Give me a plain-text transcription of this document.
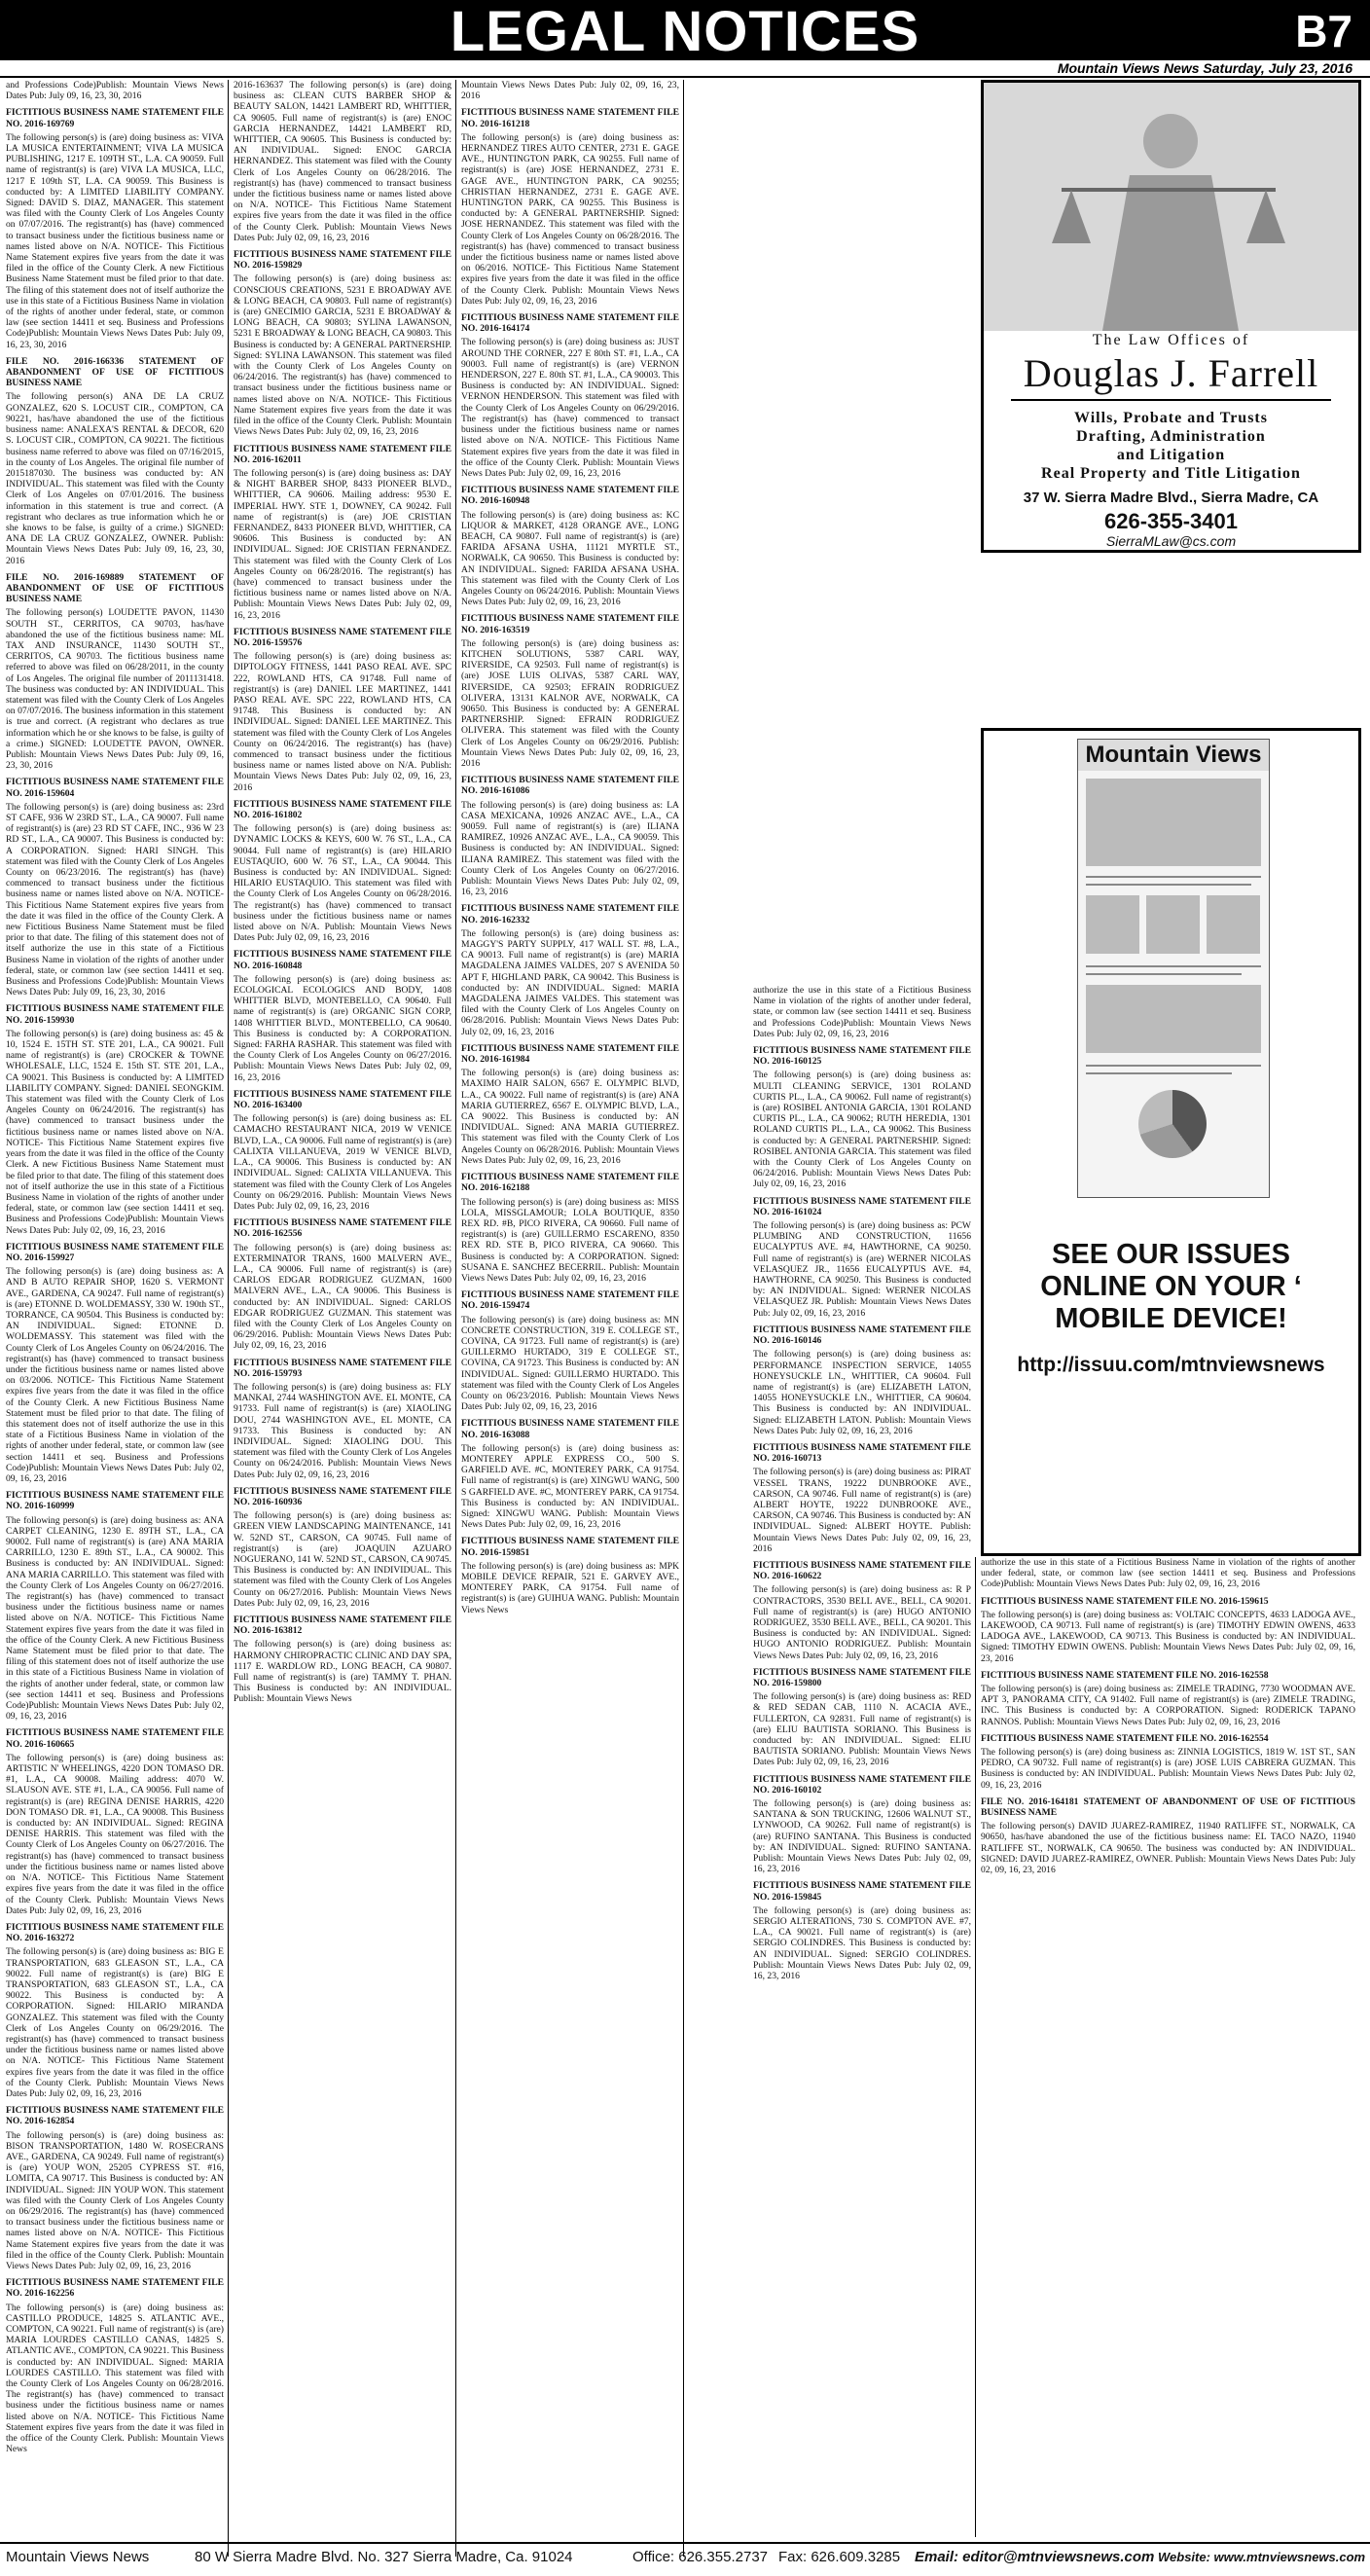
LEGAL NOTICES	B7
Mountain Views News Saturday, July 23, 2016

and Professions Code)Publish: Mountain Views News Dates Pub: July 09, 16, 23, 30, 2016

FICTITIOUS BUSINESS NAME STATEMENT FILE NO. 2016-169769

The following person(s) is (are) doing business as: VIVA LA MUSICA ENTERTAINMENT; VIVA LA MUSICA PUBLISHING, 1217 E. 109TH ST., L.A. CA 90059. Full name of registrant(s) is (are) VIVA LA MUSICA, LLC, 1217 E 109th ST, L.A. CA 90059. This Business is conducted by: A LIMITED LIABILITY COMPANY. Signed: DAVID S. DIAZ, MANAGER. This statement was filed with the County Clerk of Los Angeles County on 07/07/2016. The registrant(s) has (have) commenced to transact business under the fictitious business name or names listed above on N/A. NOTICE- This Fictitious Name Statement expires five years from the date it was filed in the office of the County Clerk. A new Fictitious Business Name Statement must be filed prior to that date. The filing of this statement does not of itself authorize the use in this state of a Fictitious Business Name in violation of the rights of another under federal, state, or common law (see section 14411 et seq. Business and Professions Code)Publish: Mountain Views News Dates Pub: July 09, 16, 23, 30, 2016

FILE NO. 2016-166336 STATEMENT OF ABANDONMENT OF USE OF FICTITIOUS BUSINESS NAME

The following person(s) ANA DE LA CRUZ GONZALEZ, 620 S. LOCUST CIR., COMPTON, CA 90221, has/have abandoned the use of the fictitious business name: ANALEXA'S RENTAL & DECOR, 620 S. LOCUST CIR., COMPTON, CA 90221. The fictitious business name referred to above was filed on 07/16/2015, in the county of Los Angeles. The original file number of 2015187030. The business was conducted by: AN INDIVIDUAL. This statement was filed with the County Clerk of Los Angeles on 07/01/2016. The business information in this statement is true and correct. (A registrant who declares as true information which he or she knows to be false, is guilty of a crime.) SIGNED: ANA DE LA CRUZ GONZALEZ, OWNER. Publish: Mountain Views News Dates Pub: July 09, 16, 23, 30, 2016

FILE NO. 2016-169889 STATEMENT OF ABANDONMENT OF USE OF FICTITIOUS BUSINESS NAME

The following person(s) LOUDETTE PAVON, 11430 SOUTH ST., CERRITOS, CA 90703, has/have abandoned the use of the fictitious business name: ML TAX AND INSURANCE, 11430 SOUTH ST., CERRITOS, CA 90703. The fictitious business name referred to above was filed on 06/28/2011, in the county of Los Angeles. The original file number of 2011131418. The business was conducted by: AN INDIVIDUAL. This statement was filed with the County Clerk of Los Angeles on 07/07/2016. The business information in this statement is true and correct. (A registrant who declares as true information which he or she knows to be false, is guilty of a crime.) SIGNED: LOUDETTE PAVON, OWNER. Publish: Mountain Views News Dates Pub: July 09, 16, 23, 30, 2016

FICTITIOUS BUSINESS NAME STATEMENT FILE NO. 2016-159604

The following person(s) is (are) doing business as: 23rd ST CAFE, 936 W 23RD ST., L.A., CA 90007. Full name of registrant(s) is (are) 23 RD ST CAFE, INC., 936 W 23 RD ST., L.A., CA 90007. This Business is conducted by: A CORPORATION. Signed: HARI SINGH. This statement was filed with the County Clerk of Los Angeles County on 06/23/2016. The registrant(s) has (have) commenced to transact business under the fictitious business name or names listed above on N/A. NOTICE- This Fictitious Name Statement expires five years from the date it was filed in the office of the County Clerk. A new Fictitious Business Name Statement must be filed prior to that date. The filing of this statement does not of itself authorize the use in this state of a Fictitious Business Name in violation of the rights of another under federal, state, or common law (see section 14411 et seq. Business and Professions Code)Publish: Mountain Views News Dates Pub: July 09, 16, 23, 30, 2016

FICTITIOUS BUSINESS NAME STATEMENT FILE NO. 2016-159930

The following person(s) is (are) doing business as: 45 & 10, 1524 E. 15TH ST. STE 201, L.A., CA 90021. Full name of registrant(s) is (are) CROCKER & TOWNE WHOLESALE, LLC, 1524 E. 15th ST. STE 201, L.A., CA 90021. This Business is conducted by: A LIMITED LIABILITY COMPANY. Signed: DANIEL SEONGKIM. This statement was filed with the County Clerk of Los Angeles County on 06/24/2016. The registrant(s) has (have) commenced to transact business under the fictitious business name or names listed above on N/A. NOTICE- This Fictitious Name Statement expires five years from the date it was filed in the office of the County Clerk. A new Fictitious Business Name Statement must be filed prior to that date. The filing of this statement does not of itself authorize the use in this state of a Fictitious Business Name in violation of the rights of another under federal, state, or common law (see section 14411 et seq. Business and Professions Code)Publish: Mountain Views News Dates Pub: July 02, 09, 16, 23, 2016

FICTITIOUS BUSINESS NAME STATEMENT FILE NO. 2016-159927

The following person(s) is (are) doing business as: A AND B AUTO REPAIR SHOP, 1620 S. VERMONT AVE., GARDENA, CA 90247. Full name of registrant(s) is (are) ETONNE D. WOLDEMASSY, 330 W. 190th ST., TORRANCE, CA 90504. This Business is conducted by: AN INDIVIDUAL. Signed: ETONNE D. WOLDEMASSY. This statement was filed with the County Clerk of Los Angeles County on 06/24/2016. The registrant(s) has (have) commenced to transact business under the fictitious business name or names listed above on 03/2006. NOTICE- This Fictitious Name Statement expires five years from the date it was filed in the office of the County Clerk. A new Fictitious Business Name Statement must be filed prior to that date. The filing of this statement does not of itself authorize the use in this state of a Fictitious Business Name in violation of the rights of another under federal, state, or common law (see section 14411 et seq. Business and Professions Code)Publish: Mountain Views News Dates Pub: July 02, 09, 16, 23, 2016

FICTITIOUS BUSINESS NAME STATEMENT FILE NO. 2016-160999

The following person(s) is (are) doing business as: ANA CARPET CLEANING, 1230 E. 89TH ST., L.A., CA 90002. Full name of registrant(s) is (are) ANA MARIA CARRILLO, 1230 E. 89th ST., L.A., CA 90002. This Business is conducted by: AN INDIVIDUAL. Signed: ANA MARIA CARRILLO. This statement was filed with the County Clerk of Los Angeles County on 06/27/2016. The registrant(s) has (have) commenced to transact business under the fictitious business name or names listed above on N/A. NOTICE- This Fictitious Name Statement expires five years from the date it was filed in the office of the County Clerk. A new Fictitious Business Name Statement must be filed prior to that date. The filing of this statement does not of itself authorize the use in this state of a Fictitious Business Name in violation of the rights of another under federal, state, or common law (see section 14411 et seq. Business and Professions Code)Publish: Mountain Views News Dates Pub: July 02, 09, 16, 23, 2016

FICTITIOUS BUSINESS NAME STATEMENT FILE NO. 2016-160665

The following person(s) is (are) doing business as: ARTISTIC N' WHEELINGS, 4220 DON TOMASO DR. #1, L.A., CA 90008. Mailing address: 4070 W. SLAUSON AVE. STE #1, L.A., CA 90056. Full name of registrant(s) is (are) REGINA DENISE HARRIS, 4220 DON TOMASO DR. #1, L.A., CA 90008. This Business is conducted by: AN INDIVIDUAL. Signed: REGINA DENISE HARRIS. This statement was filed with the County Clerk of Los Angeles County on 06/27/2016. The registrant(s) has (have) commenced to transact business under the fictitious business name or names listed above on N/A. NOTICE- This Fictitious Name Statement expires five years from the date it was filed in the office of the County Clerk. Publish: Mountain Views News Dates Pub: July 02, 09, 16, 23, 2016

FICTITIOUS BUSINESS NAME STATEMENT FILE NO. 2016-163272

The following person(s) is (are) doing business as: BIG E TRANSPORTATION, 683 GLEASON ST., L.A., CA 90022. Full name of registrant(s) is (are) BIG E TRANSPORTATION, 683 GLEASON ST., L.A., CA 90022. This Business is conducted by: A CORPORATION. Signed: HILARIO MIRANDA GONZALEZ. This statement was filed with the County Clerk of Los Angeles County on 06/29/2016. The registrant(s) has (have) commenced to transact business under the fictitious business name or names listed above on N/A. NOTICE- This Fictitious Name Statement expires five years from the date it was filed in the office of the County Clerk. Publish: Mountain Views News Dates Pub: July 02, 09, 16, 23, 2016

FICTITIOUS BUSINESS NAME STATEMENT FILE NO. 2016-162854

The following person(s) is (are) doing business as: BISON TRANSPORTATION, 1480 W. ROSECRANS AVE., GARDENA, CA 90249. Full name of registrant(s) is (are) YOUP WON, 25205 CYPRESS ST. #16, LOMITA, CA 90717. This Business is conducted by: AN INDIVIDUAL. Signed: JIN YOUP WON. This statement was filed with the County Clerk of Los Angeles County on 06/29/2016. The registrant(s) has (have) commenced to transact business under the fictitious business name or names listed above on N/A. NOTICE- This Fictitious Name Statement expires five years from the date it was filed in the office of the County Clerk. Publish: Mountain Views News Dates Pub: July 02, 09, 16, 23, 2016

FICTITIOUS BUSINESS NAME STATEMENT FILE NO. 2016-162256

The following person(s) is (are) doing business as: CASTILLO PRODUCE, 14825 S. ATLANTIC AVE., COMPTON, CA 90221. Full name of registrant(s) is (are) MARIA LOURDES CASTILLO CANAS, 14825 S. ATLANTIC AVE., COMPTON, CA 90221. This Business is conducted by: AN INDIVIDUAL. Signed: MARIA LOURDES CASTILLO. This statement was filed with the County Clerk of Los Angeles County on 06/28/2016. The registrant(s) has (have) commenced to transact business under the fictitious business name or names listed above on N/A. NOTICE- This Fictitious Name Statement expires five years from the date it was filed in the office of the County Clerk. Publish: Mountain Views News

2016-163637 The following person(s) is (are) doing business as: CLEAN CUTS BARBER SHOP & BEAUTY SALON, 14421 LAMBERT RD, WHITTIER, CA 90605. Full name of registrant(s) is (are) ENOC GARCIA HERNANDEZ, 14421 LAMBERT RD, WHITTIER, CA 90605. This Business is conducted by: AN INDIVIDUAL. Signed: ENOC GARCIA HERNANDEZ. This statement was filed with the County Clerk of Los Angeles County on 06/28/2016. The registrant(s) has (have) commenced to transact business under the fictitious business name or names listed above on N/A. NOTICE- This Fictitious Name Statement expires five years from the date it was filed in the office of the County Clerk. Publish: Mountain Views News Dates Pub: July 02, 09, 16, 23, 2016

FICTITIOUS BUSINESS NAME STATEMENT FILE NO. 2016-159829

The following person(s) is (are) doing business as: CONSCIOUS CREATIONS, 5231 E BROADWAY AVE & LONG BEACH, CA 90803. Full name of registrant(s) is (are) GNECIMIO GARCIA, 5231 E BROADWAY & LONG BEACH, CA 90803; SYLINA LAWANSON, 5231 E BROADWAY & LONG BEACH, CA 90803. This Business is conducted by: A GENERAL PARTNERSHIP. Signed: SYLINA LAWANSON. This statement was filed with the County Clerk of Los Angeles County on 06/24/2016. The registrant(s) has (have) commenced to transact business under the fictitious business name or names listed above on N/A. NOTICE- This Fictitious Name Statement expires five years from the date it was filed in the office of the County Clerk. Publish: Mountain Views News Dates Pub: July 02, 09, 16, 23, 2016

FICTITIOUS BUSINESS NAME STATEMENT FILE NO. 2016-162011

The following person(s) is (are) doing business as: DAY & NIGHT BARBER SHOP, 8433 PIONEER BLVD., WHITTIER, CA 90606. Mailing address: 9530 E. IMPERIAL HWY. STE 1, DOWNEY, CA 90242. Full name of registrant(s) is (are) JOE CRISTIAN FERNANDEZ, 8433 PIONEER BLVD, WHITTIER, CA 90606. This Business is conducted by: AN INDIVIDUAL. Signed: JOE CRISTIAN FERNANDEZ. This statement was filed with the County Clerk of Los Angeles County on 06/28/2016. The registrant(s) has (have) commenced to transact business under the fictitious business name or names listed above on N/A. Publish: Mountain Views News Dates Pub: July 02, 09, 16, 23, 2016

FICTITIOUS BUSINESS NAME STATEMENT FILE NO. 2016-159576

The following person(s) is (are) doing business as: DIPTOLOGY FITNESS, 1441 PASO REAL AVE. SPC 222, ROWLAND HTS, CA 91748. Full name of registrant(s) is (are) DANIEL LEE MARTINEZ, 1441 PASO REAL AVE. SPC 222, ROWLAND HTS, CA 91748. This Business is conducted by: AN INDIVIDUAL. Signed: DANIEL LEE MARTINEZ. This statement was filed with the County Clerk of Los Angeles County on 06/24/2016. The registrant(s) has (have) commenced to transact business under the fictitious business name or names listed above on N/A. Publish: Mountain Views News Dates Pub: July 02, 09, 16, 23, 2016

FICTITIOUS BUSINESS NAME STATEMENT FILE NO. 2016-161802

The following person(s) is (are) doing business as: DYNAMIC LOCKS & KEYS, 600 W. 76 ST., L.A., CA 90044. Full name of registrant(s) is (are) HILARIO EUSTAQUIO, 600 W. 76 ST., L.A., CA 90044. This Business is conducted by: AN INDIVIDUAL. Signed: HILARIO EUSTAQUIO. This statement was filed with the County Clerk of Los Angeles County on 06/28/2016. The registrant(s) has (have) commenced to transact business under the fictitious business name or names listed above on N/A. Publish: Mountain Views News Dates Pub: July 02, 09, 16, 23, 2016

FICTITIOUS BUSINESS NAME STATEMENT FILE NO. 2016-160848

The following person(s) is (are) doing business as: ECOLOGICAL ECOLOGICS AND BODY, 1408 WHITTIER BLVD, MONTEBELLO, CA 90640. Full name of registrant(s) is (are) ORGANIC SIGN CORP, 1408 WHITTIER BLVD., MONTEBELLO, CA 90640. This Business is conducted by: A CORPORATION. Signed: FARHA RASHAR. This statement was filed with the County Clerk of Los Angeles County on 06/27/2016. Publish: Mountain Views News Dates Pub: July 02, 09, 16, 23, 2016

FICTITIOUS BUSINESS NAME STATEMENT FILE NO. 2016-163400

The following person(s) is (are) doing business as: EL CAMACHO RESTAURANT NICA, 2019 W VENICE BLVD, L.A., CA 90006. Full name of registrant(s) is (are) CALIXTA VILLANUEVA, 2019 W VENICE BLVD, L.A., CA 90006. This Business is conducted by: AN INDIVIDUAL. Signed: CALIXTA VILLANUEVA. This statement was filed with the County Clerk of Los Angeles County on 06/29/2016. Publish: Mountain Views News Dates Pub: July 02, 09, 16, 23, 2016

FICTITIOUS BUSINESS NAME STATEMENT FILE NO. 2016-162556

The following person(s) is (are) doing business as: EXTERMINATOR TRANS, 1600 MALVERN AVE., L.A., CA 90006. Full name of registrant(s) is (are) CARLOS EDGAR RODRIGUEZ GUZMAN, 1600 MALVERN AVE., L.A., CA 90006. This Business is conducted by: AN INDIVIDUAL. Signed: CARLOS EDGAR RODRIGUEZ GUZMAN. This statement was filed with the County Clerk of Los Angeles County on 06/29/2016. Publish: Mountain Views News Dates Pub: July 02, 09, 16, 23, 2016

FICTITIOUS BUSINESS NAME STATEMENT FILE NO. 2016-159793

The following person(s) is (are) doing business as: FLY MANKAI, 2744 WASHINGTON AVE. EL MONTE, CA 91733. Full name of registrant(s) is (are) XIAOLING DOU, 2744 WASHINGTON AVE., EL MONTE, CA 91733. This Business is conducted by: AN INDIVIDUAL. Signed: XIAOLING DOU. This statement was filed with the County Clerk of Los Angeles County on 06/24/2016. Publish: Mountain Views News Dates Pub: July 02, 09, 16, 23, 2016

FICTITIOUS BUSINESS NAME STATEMENT FILE NO. 2016-160936

The following person(s) is (are) doing business as: GREEN VIEW LANDSCAPING MAINTENANCE, 141 W. 52ND ST., CARSON, CA 90745. Full name of registrant(s) is (are) JOAQUIN AZUARO NOGUERANO, 141 W. 52ND ST., CARSON, CA 90745. This Business is conducted by: AN INDIVIDUAL. This statement was filed with the County Clerk of Los Angeles County on 06/27/2016. Publish: Mountain Views News Dates Pub: July 02, 09, 16, 23, 2016

FICTITIOUS BUSINESS NAME STATEMENT FILE NO. 2016-163812

The following person(s) is (are) doing business as: HARMONY CHIROPRACTIC CLINIC AND DAY SPA, 1117 E. WARDLOW RD., LONG BEACH, CA 90807. Full name of registrant(s) is (are) TAMMY T. PHAN. This Business is conducted by: AN INDIVIDUAL. Publish: Mountain Views News

Mountain Views News Dates Pub: July 02, 09, 16, 23, 2016

FICTITIOUS BUSINESS NAME STATEMENT FILE NO. 2016-161218

The following person(s) is (are) doing business as: HERNANDEZ TIRES AUTO CENTER, 2731 E. GAGE AVE., HUNTINGTON PARK, CA 90255. Full name of registrant(s) is (are) JOSE HERNANDEZ, 2731 E. GAGE AVE., HUNTINGTON PARK, CA 90255; CHRISTIAN HERNANDEZ, 2731 E. GAGE AVE. HUNTINGTON PARK, CA 90255. This Business is conducted by: A GENERAL PARTNERSHIP. Signed: JOSE HERNANDEZ. This statement was filed with the County Clerk of Los Angeles County on 06/28/2016. The registrant(s) has (have) commenced to transact business under the fictitious business name or names listed above on 06/2016. NOTICE- This Fictitious Name Statement expires five years from the date it was filed in the office of the County Clerk. Publish: Mountain Views News Dates Pub: July 02, 09, 16, 23, 2016

FICTITIOUS BUSINESS NAME STATEMENT FILE NO. 2016-164174

The following person(s) is (are) doing business as: JUST AROUND THE CORNER, 227 E 80th ST. #1, L.A., CA 90003. Full name of registrant(s) is (are) VERNON HENDERSON, 227 E. 80th ST. #1, L.A., CA 90003. This Business is conducted by: AN INDIVIDUAL. Signed: VERNON HENDERSON. This statement was filed with the County Clerk of Los Angeles County on 06/29/2016. The registrant(s) has (have) commenced to transact business under the fictitious business name or names listed above on N/A. NOTICE- This Fictitious Name Statement expires five years from the date it was filed in the office of the County Clerk. Publish: Mountain Views News Dates Pub: July 02, 09, 16, 23, 2016

FICTITIOUS BUSINESS NAME STATEMENT FILE NO. 2016-160948

The following person(s) is (are) doing business as: KC LIQUOR & MARKET, 4128 ORANGE AVE., LONG BEACH, CA 90807. Full name of registrant(s) is (are) FARIDA AFSANA USHA, 11121 MYRTLE ST., NORWALK, CA 90650. This Business is conducted by: AN INDIVIDUAL. Signed: FARIDA AFSANA USHA. This statement was filed with the County Clerk of Los Angeles County on 06/24/2016. Publish: Mountain Views News Dates Pub: July 02, 09, 16, 23, 2016

FICTITIOUS BUSINESS NAME STATEMENT FILE NO. 2016-163519

The following person(s) is (are) doing business as: KITCHEN SOLUTIONS, 5387 CARL WAY, RIVERSIDE, CA 92503. Full name of registrant(s) is (are) JOSE LUIS OLIVAS, 5387 CARL WAY, RIVERSIDE, CA 92503; EFRAIN RODRIGUEZ OLIVERA, 13131 KALNOR AVE, NORWALK, CA 90650. This Business is conducted by: A GENERAL PARTNERSHIP. Signed: EFRAIN RODRIGUEZ OLIVERA. This statement was filed with the County Clerk of Los Angeles County on 06/29/2016. Publish: Mountain Views News Dates Pub: July 02, 09, 16, 23, 2016

FICTITIOUS BUSINESS NAME STATEMENT FILE NO. 2016-161086

The following person(s) is (are) doing business as: LA CASA MEXICANA, 10926 ANZAC AVE., L.A., CA 90059. Full name of registrant(s) is (are) ILIANA RAMIREZ, 10926 ANZAC AVE., L.A., CA 90059. This Business is conducted by: AN INDIVIDUAL. Signed: ILIANA RAMIREZ. This statement was filed with the County Clerk of Los Angeles County on 06/27/2016. Publish: Mountain Views News Dates Pub: July 02, 09, 16, 23, 2016

FICTITIOUS BUSINESS NAME STATEMENT FILE NO. 2016-162332

The following person(s) is (are) doing business as: MAGGY'S PARTY SUPPLY, 417 WALL ST. #8, L.A., CA 90013. Full name of registrant(s) is (are) MARIA MAGDALENA JAIMES VALDES, 207 S AVENIDA 50 APT F, HIGHLAND PARK, CA 90042. This Business is conducted by: AN INDIVIDUAL. Signed: MARIA MAGDALENA JAIMES VALDES. This statement was filed with the County Clerk of Los Angeles County on 06/28/2016. Publish: Mountain Views News Dates Pub: July 02, 09, 16, 23, 2016

FICTITIOUS BUSINESS NAME STATEMENT FILE NO. 2016-161984

The following person(s) is (are) doing business as: MAXIMO HAIR SALON, 6567 E. OLYMPIC BLVD, L.A., CA 90022. Full name of registrant(s) is (are) ANA MARIA GUTIERREZ, 6567 E. OLYMPIC BLVD, L.A., CA 90022. This Business is conducted by: AN INDIVIDUAL. Signed: ANA MARIA GUTIERREZ. This statement was filed with the County Clerk of Los Angeles County on 06/28/2016. Publish: Mountain Views News Dates Pub: July 02, 09, 16, 23, 2016

FICTITIOUS BUSINESS NAME STATEMENT FILE NO. 2016-162188

The following person(s) is (are) doing business as: MISS LOLA, MISSGLAMOUR; LOLA BOUTIQUE, 8350 REX RD. #B, PICO RIVERA, CA 90660. Full name of registrant(s) is (are) GUILLERMO ESCARENO, 8350 REX RD. STE B, PICO RIVERA, CA 90660. This Business is conducted by: A CORPORATION. Signed: SUSANA E. SANCHEZ BECERRIL. Publish: Mountain Views News Dates Pub: July 02, 09, 16, 23, 2016

FICTITIOUS BUSINESS NAME STATEMENT FILE NO. 2016-159474

The following person(s) is (are) doing business as: MN CONCRETE CONSTRUCTION, 319 E. COLLEGE ST., COVINA, CA 91723. Full name of registrant(s) is (are) GUILLERMO HURTADO, 319 E COLLEGE ST., COVINA, CA 91723. This Business is conducted by: AN INDIVIDUAL. Signed: GUILLERMO HURTADO. This statement was filed with the County Clerk of Los Angeles County on 06/23/2016. Publish: Mountain Views News Dates Pub: July 02, 09, 16, 23, 2016

FICTITIOUS BUSINESS NAME STATEMENT FILE NO. 2016-163088

The following person(s) is (are) doing business as: MONTEREY APPLE EXPRESS CO., 500 S. GARFIELD AVE. #C, MONTEREY PARK, CA 91754. Full name of registrant(s) is (are) XINGWU WANG, 500 S GARFIELD AVE. #C, MONTEREY PARK, CA 91754. This Business is conducted by: AN INDIVIDUAL. Signed: XINGWU WANG. Publish: Mountain Views News Dates Pub: July 02, 09, 16, 23, 2016

FICTITIOUS BUSINESS NAME STATEMENT FILE NO. 2016-159851

The following person(s) is (are) doing business as: MPK MOBILE DEVICE REPAIR, 521 E. GARVEY AVE., MONTEREY PARK, CA 91754. Full name of registrant(s) is (are) GUIHUA WANG. Publish: Mountain Views News

authorize the use in this state of a Fictitious Business Name in violation of the rights of another under federal, state, or common law (see section 14411 et seq. Business and Professions Code)Publish: Mountain Views News Dates Pub: July 02, 09, 16, 23, 2016

FICTITIOUS BUSINESS NAME STATEMENT FILE NO. 2016-160125

The following person(s) is (are) doing business as: MULTI CLEANING SERVICE, 1301 ROLAND CURTIS PL., L.A., CA 90062. Full name of registrant(s) is (are) ROSIBEL ANTONIA GARCIA, 1301 ROLAND CURTIS PL., L.A., CA 90062; RUTH HEREDIA, 1301 ROLAND CURTIS PL., L.A., CA 90062. This Business is conducted by: A GENERAL PARTNERSHIP. Signed: ROSIBEL ANTONIA GARCIA. This statement was filed with the County Clerk of Los Angeles County on 06/24/2016. Publish: Mountain Views News Dates Pub: July 02, 09, 16, 23, 2016

FICTITIOUS BUSINESS NAME STATEMENT FILE NO. 2016-161024

The following person(s) is (are) doing business as: PCW PLUMBING AND CONSTRUCTION, 11656 EUCALYPTUS AVE. #4, HAWTHORNE, CA 90250. Full name of registrant(s) is (are) WERNER NICOLAS VELASQUEZ JR., 11656 EUCALYPTUS AVE. #4, HAWTHORNE, CA 90250. This Business is conducted by: AN INDIVIDUAL. Signed: WERNER NICOLAS VELASQUEZ JR. Publish: Mountain Views News Dates Pub: July 02, 09, 16, 23, 2016

FICTITIOUS BUSINESS NAME STATEMENT FILE NO. 2016-160146

The following person(s) is (are) doing business as: PERFORMANCE INSPECTION SERVICE, 14055 HONEYSUCKLE LN., WHITTIER, CA 90604. Full name of registrant(s) is (are) ELIZABETH LATON, 14055 HONEYSUCKLE LN., WHITTIER, CA 90604. This Business is conducted by: AN INDIVIDUAL. Signed: ELIZABETH LATON. Publish: Mountain Views News Dates Pub: July 02, 09, 16, 23, 2016

FICTITIOUS BUSINESS NAME STATEMENT FILE NO. 2016-160713

The following person(s) is (are) doing business as: PIRAT VESSEL TRANS, 19222 DUNBROOKE AVE., CARSON, CA 90746. Full name of registrant(s) is (are) ALBERT HOYTE, 19222 DUNBROOKE AVE., CARSON, CA 90746. This Business is conducted by: AN INDIVIDUAL. Signed: ALBERT HOYTE. Publish: Mountain Views News Dates Pub: July 02, 09, 16, 23, 2016

FICTITIOUS BUSINESS NAME STATEMENT FILE NO. 2016-160622

The following person(s) is (are) doing business as: R P CONTRACTORS, 3530 BELL AVE., BELL, CA 90201. Full name of registrant(s) is (are) HUGO ANTONIO RODRIGUEZ, 3530 BELL AVE., BELL, CA 90201. This Business is conducted by: AN INDIVIDUAL. Signed: HUGO ANTONIO RODRIGUEZ. Publish: Mountain Views News Dates Pub: July 02, 09, 16, 23, 2016

FICTITIOUS BUSINESS NAME STATEMENT FILE NO. 2016-159800

The following person(s) is (are) doing business as: RED & RED SEDAN CAB, 1110 N. ACACIA AVE., FULLERTON, CA 92831. Full name of registrant(s) is (are) ELIU BAUTISTA SORIANO. This Business is conducted by: AN INDIVIDUAL. Signed: ELIU BAUTISTA SORIANO. Publish: Mountain Views News Dates Pub: July 02, 09, 16, 23, 2016

FICTITIOUS BUSINESS NAME STATEMENT FILE NO. 2016-160102

The following person(s) is (are) doing business as: SANTANA & SON TRUCKING, 12606 WALNUT ST., LYNWOOD, CA 90262. Full name of registrant(s) is (are) RUFINO SANTANA. This Business is conducted by: AN INDIVIDUAL. Signed: RUFINO SANTANA. Publish: Mountain Views News Dates Pub: July 02, 09, 16, 23, 2016

FICTITIOUS BUSINESS NAME STATEMENT FILE NO. 2016-159845

The following person(s) is (are) doing business as: SERGIO ALTERATIONS, 730 S. COMPTON AVE. #7, L.A., CA 90021. Full name of registrant(s) is (are) SERGIO COLINDRES. This Business is conducted by: AN INDIVIDUAL. Signed: SERGIO COLINDRES. Publish: Mountain Views News Dates Pub: July 02, 09, 16, 23, 2016

authorize the use in this state of a Fictitious Business Name in violation of the rights of another under federal, state, or common law (see section 14411 et seq. Business and Professions Code)Publish: Mountain Views News Dates Pub: July 02, 09, 16, 23, 2016

FICTITIOUS BUSINESS NAME STATEMENT FILE NO. 2016-159615

The following person(s) is (are) doing business as: VOLTAIC CONCEPTS, 4633 LADOGA AVE., LAKEWOOD, CA 90713. Full name of registrant(s) is (are) TIMOTHY EDWIN OWENS, 4633 LADOGA AVE., LAKEWOOD, CA 90713. This Business is conducted by: AN INDIVIDUAL. Signed: TIMOTHY EDWIN OWENS. Publish: Mountain Views News Dates Pub: July 02, 09, 16, 23, 2016

FICTITIOUS BUSINESS NAME STATEMENT FILE NO. 2016-162558

The following person(s) is (are) doing business as: ZIMELE TRADING, 7730 WOODMAN AVE. APT 3, PANORAMA CITY, CA 91402. Full name of registrant(s) is (are) ZIMELE TRADING, INC. This Business is conducted by: A CORPORATION. Signed: RODERICK TAPANO RANNOS. Publish: Mountain Views News Dates Pub: July 02, 09, 16, 23, 2016

FICTITIOUS BUSINESS NAME STATEMENT FILE NO. 2016-162554

The following person(s) is (are) doing business as: ZINNIA LOGISTICS, 1819 W. 1ST ST., SAN PEDRO, CA 90732. Full name of registrant(s) is (are) JOSE LUIS CABRERA GUZMAN. This Business is conducted by: AN INDIVIDUAL. Publish: Mountain Views News Dates Pub: July 02, 09, 16, 23, 2016

FILE NO. 2016-164181 STATEMENT OF ABANDONMENT OF USE OF FICTITIOUS BUSINESS NAME

The following person(s) DAVID JUAREZ-RAMIREZ, 11940 RATLIFFE ST., NORWALK, CA 90650, has/have abandoned the use of the fictitious business name: EL TACO NAZO, 11940 RATLIFFE ST., NORWALK, CA 90650. The business was conducted by: AN INDIVIDUAL. SIGNED: DAVID JUAREZ-RAMIREZ, OWNER. Publish: Mountain Views News Dates Pub: July 02, 09, 16, 23, 2016

The Law Offices of
Douglas J. Farrell
Wills, Probate and Trusts
Drafting, Administration
and Litigation
Real Property and Title Litigation
37 W. Sierra Madre Blvd., Sierra Madre, CA
626-355-3401
SierraMLaw@cs.com
Mountain Views
SEE OUR ISSUES
ONLINE ON YOUR ‘
MOBILE DEVICE!
http://issuu.com/mtnviewsnews
Mountain Views News	80 W Sierra Madre Blvd. No. 327 Sierra Madre, Ca. 91024	Office: 626.355.2737 Fax: 626.609.3285 Email: editor@mtnviewsnews.com Website: www.mtnviewsnews.com
